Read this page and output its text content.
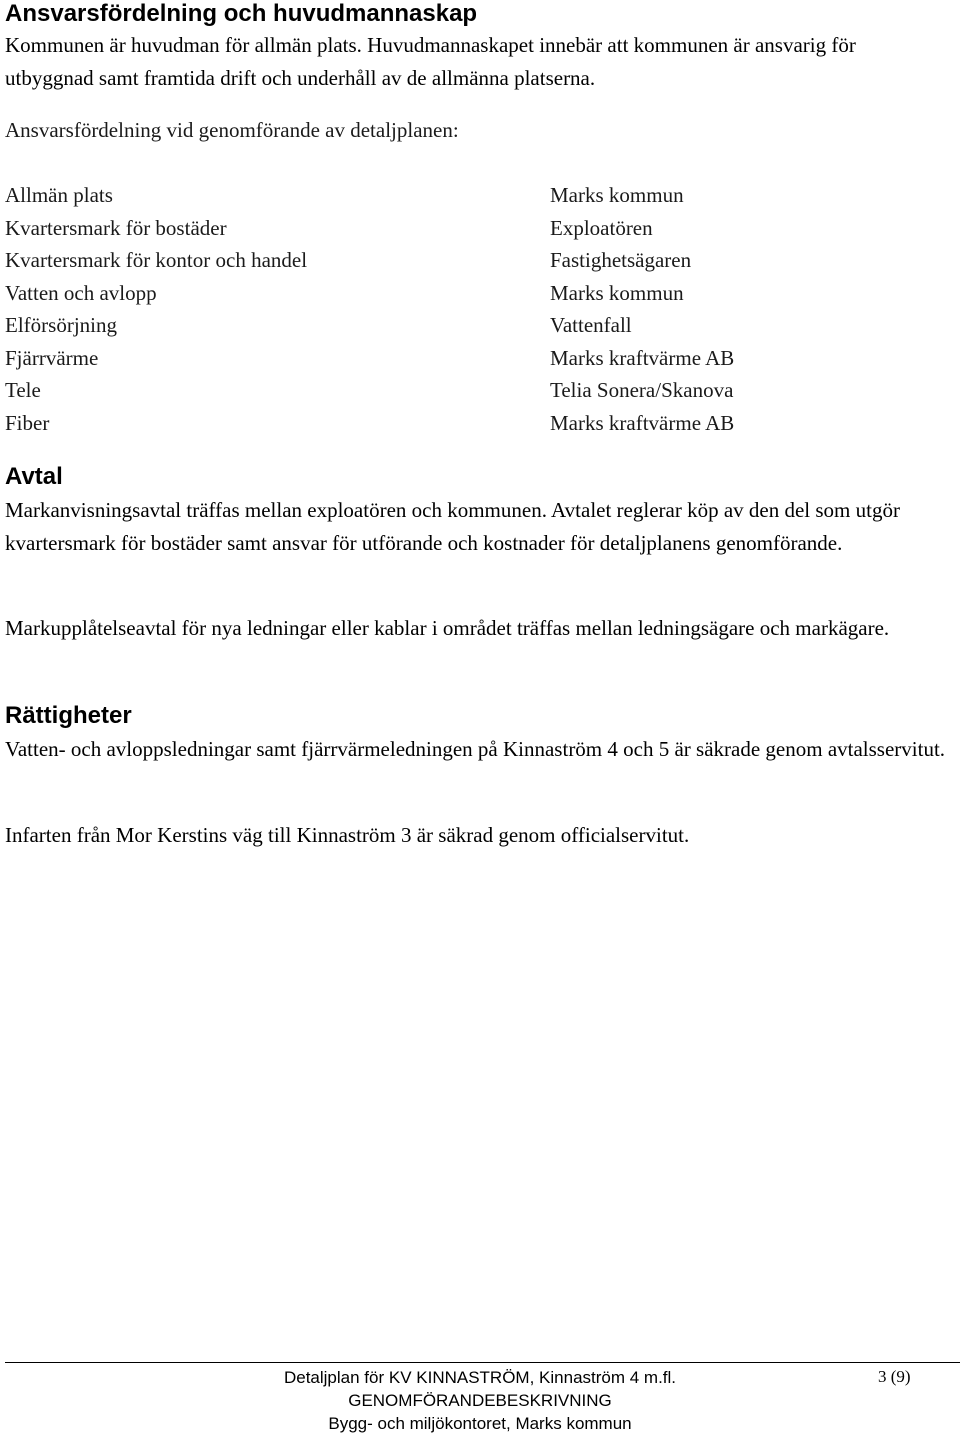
Ansvarsfördelning och huvudmannaskap

Kommunen är huvudman för allmän plats. Huvudmannaskapet innebär att kommunen är ansvarig för utbyggnad samt framtida drift och underhåll av de allmänna platserna.

Ansvarsfördelning vid genomförande av detaljplanen:

Allmän plats	Marks kommun
Kvartersmark för bostäder	Exploatören
Kvartersmark för kontor och handel	Fastighetsägaren
Vatten och avlopp	Marks kommun
Elförsörjning	Vattenfall
Fjärrvärme	Marks kraftvärme AB
Tele	Telia Sonera/Skanova
Fiber	Marks kraftvärme AB
Avtal

Markanvisningsavtal träffas mellan exploatören och kommunen. Avtalet reglerar köp av den del som utgör kvartersmark för bostäder samt ansvar för utförande och kostnader för detaljplanens genomförande.

Markupplåtelseavtal för nya ledningar eller kablar i området träffas mellan ledningsägare och markägare.

Rättigheter

Vatten- och avloppsledningar samt fjärrvärmeledningen på Kinnaström 4 och 5 är säkrade genom avtalsservitut.

Infarten från Mor Kerstins väg till Kinnaström 3 är säkrad genom officialservitut.

Detaljplan för KV KINNASTRÖM, Kinnaström 4 m.fl.
GENOMFÖRANDEBESKRIVNING
Bygg- och miljökontoret, Marks kommun
3 (9)
